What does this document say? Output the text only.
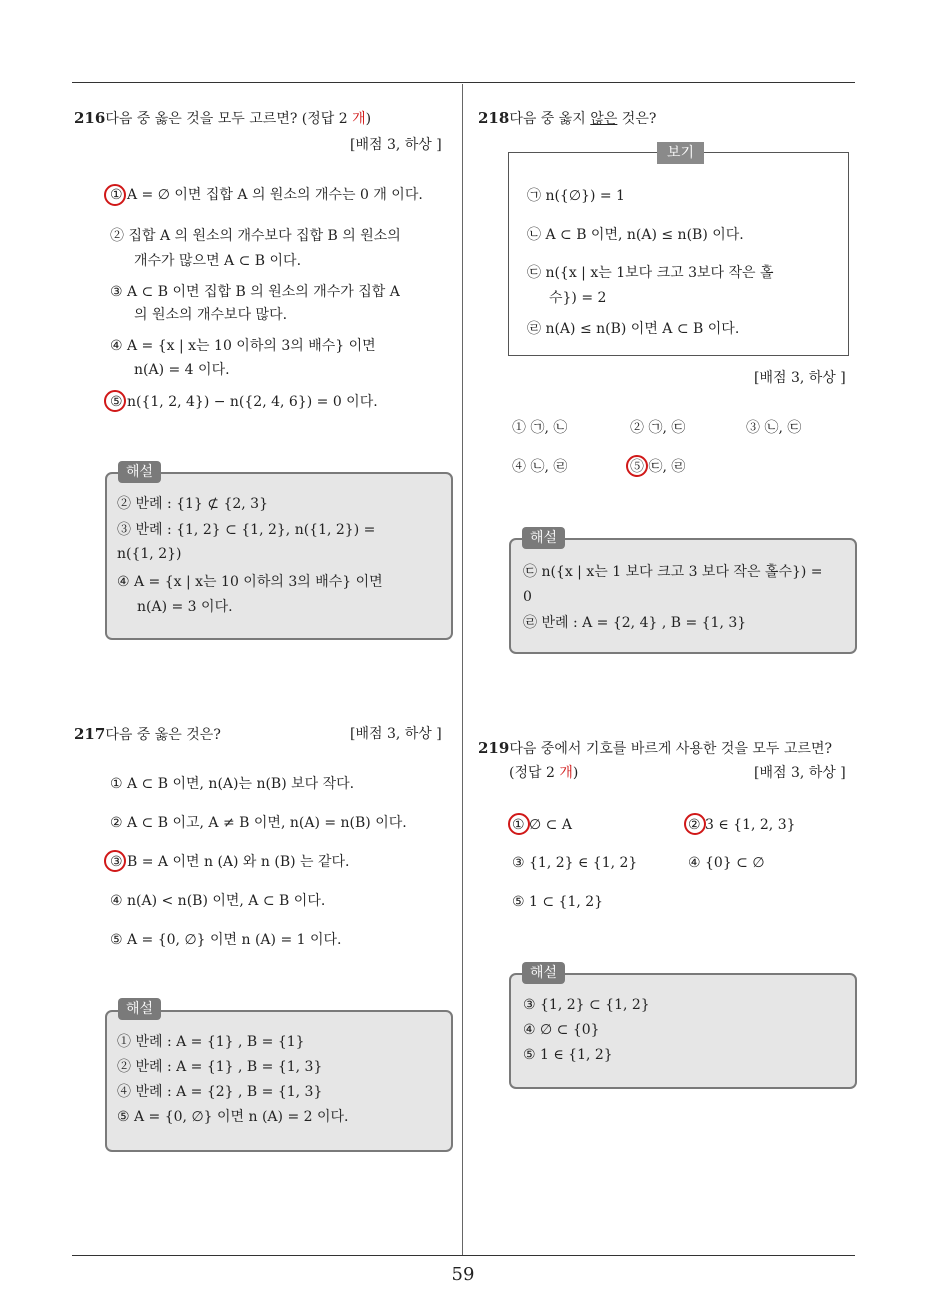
59
216다음 중 옳은 것을 모두 고르면? (정답 2 개)
[배점 3, 하상 ]
① A = ∅ 이면 집합 A 의 원소의 개수는 0 개 이다.
② 집합 A 의 원소의 개수보다 집합 B 의 원소의
개수가 많으면 A ⊂ B 이다.
③ A ⊂ B 이면 집합 B 의 원소의 개수가 집합 A
의 원소의 개수보다 많다.
④ A = {x | x는 10 이하의 3의 배수} 이면
n(A) = 4 이다.
⑤ n({1, 2, 4}) − n({2, 4, 6}) = 0 이다.
② 반례 : {1} ⊄ {2, 3}
③ 반례 : {1, 2} ⊂ {1, 2}, n({1, 2}) =
n({1, 2})
④ A = {x | x는 10 이하의 3의 배수} 이면
n(A) = 3 이다.
해설
217다음 중 옳은 것은?	[배점 3, 하상 ]
① A ⊂ B 이면, n(A)는 n(B) 보다 작다.
② A ⊂ B 이고, A ≠ B 이면, n(A) = n(B) 이다.
③ B = A 이면 n (A) 와 n (B) 는 같다.
④ n(A) < n(B) 이면, A ⊂ B 이다.
⑤ A = {0, ∅} 이면 n (A) = 1 이다.
① 반례 : A = {1} , B = {1}
② 반례 : A = {1} , B = {1, 3}
④ 반례 : A = {2} , B = {1, 3}
⑤ A = {0, ∅} 이면 n (A) = 2 이다.
해설
218다음 중 옳지 않은 것은?
㉠ n({∅}) = 1
㉡ A ⊂ B 이면, n(A) ≤ n(B) 이다.
㉢ n({x | x는 1보다 크고 3보다 작은 홀
수}) = 2
㉣ n(A) ≤ n(B) 이면 A ⊂ B 이다.
보기
[배점 3, 하상 ]
① ㉠, ㉡	② ㉠, ㉢	③ ㉡, ㉢
④ ㉡, ㉣	⑤ ㉢, ㉣
㉢ n({x | x는 1 보다 크고 3 보다 작은 홀수}) =
0
㉣ 반례 : A = {2, 4} , B = {1, 3}
해설
219다음 중에서 기호를 바르게 사용한 것을 모두 고르면?
(정답 2 개)	[배점 3, 하상 ]
① ∅ ⊂ A	② 3 ∈ {1, 2, 3}
③ {1, 2} ∈ {1, 2}	④ {0} ⊂ ∅
⑤ 1 ⊂ {1, 2}
③ {1, 2} ⊂ {1, 2}
④ ∅ ⊂ {0}
⑤ 1 ∈ {1, 2}
해설
